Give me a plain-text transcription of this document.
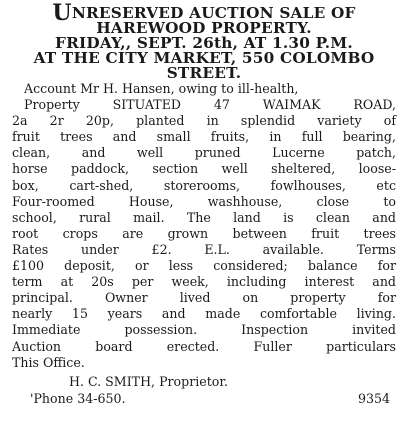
UNRESERVED AUCTION SALE OF
HAREWOOD PROPERTY.
FRIDAY,, SEPT. 26th, AT 1.30 P.M.
AT THE CITY MARKET, 550 COLOMBO
STREET.
Account Mr H. Hansen, owing to ill-health,
Property SITUATED 47 WAIMAK ROAD,
2a 2r 20p, planted in splendid variety of
fruit trees and small fruits, in full bearing,
clean, and well pruned Lucerne patch,
horse paddock, section well sheltered, loose-
box, cart-shed, storerooms, fowlhouses, etc
Four-roomed House, washhouse, close to
school, rural mail. The land is clean and
root crops are grown between fruit trees
Rates under £2. E.L. available. Terms
£100 deposit, or less considered; balance for
term at 20s per week, including interest and
principal. Owner lived on property for
nearly 15 years and made comfortable living.
Immediate possession. Inspection invited
Auction board erected. Fuller particulars
This Office.
H. C. SMITH, Proprietor.
'Phone 34-650.	9354
